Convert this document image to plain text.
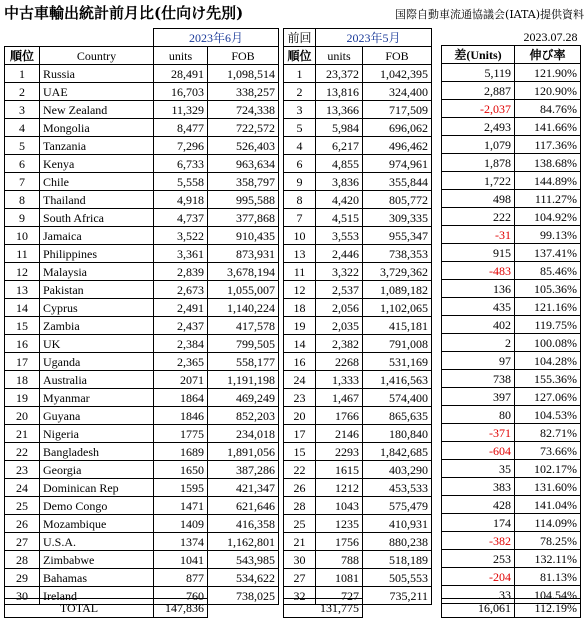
中古車輸出統計前月比(仕向け先別)	国際自動車流通協議会(IATA)提供資料
		2023年6月	
順位	Country	units	FOB
1	Russia	28,491	1,098,514
2	UAE	16,703	338,257
3	New Zealand	11,329	724,338
4	Mongolia	8,477	722,572
5	Tanzania	7,296	526,403
6	Kenya	6,733	963,634
7	Chile	5,558	358,797
8	Thailand	4,918	995,588
9	South Africa	4,737	377,868
10	Jamaica	3,522	910,435
11	Philippines	3,361	873,931
12	Malaysia	2,839	3,678,194
13	Pakistan	2,673	1,055,007
14	Cyprus	2,491	1,140,224
15	Zambia	2,437	417,578
16	UK	2,384	799,505
17	Uganda	2,365	558,177
18	Australia	2071	1,191,198
19	Myanmar	1864	469,249
20	Guyana	1846	852,203
21	Nigeria	1775	234,018
22	Bangladesh	1689	1,891,056
23	Georgia	1650	387,286
24	Dominican Rep	1595	421,347
25	Demo Congo	1471	621,646
26	Mozambique	1409	416,358
27	U.S.A.	1374	1,162,801
28	Zimbabwe	1041	543,985
29	Bahamas	877	534,622
30	Ireland	760	738,025
前回	2023年5月	
順位	units	FOB
1	23,372	1,042,395
2	13,816	324,400
3	13,366	717,509
5	5,984	696,062
4	6,217	496,462
6	4,855	974,961
9	3,836	355,844
8	4,420	805,772
7	4,515	309,335
10	3,553	955,347
13	2,446	738,353
11	3,322	3,729,362
12	2,537	1,089,182
18	2,056	1,102,065
19	2,035	415,181
14	2,382	791,008
16	2268	531,169
24	1,333	1,416,563
23	1,467	574,400
20	1766	865,635
17	2146	180,840
15	2293	1,842,685
22	1615	403,290
26	1212	453,533
28	1043	575,479
25	1235	410,931
21	1756	880,238
30	788	518,189
27	1081	505,553
32	727	735,211
2023.07.28	
差(Units)	伸び率
5,119	121.90%
2,887	120.90%
-2,037	84.76%
2,493	141.66%
1,079	117.36%
1,878	138.68%
1,722	144.89%
498	111.27%
222	104.92%
-31	99.13%
915	137.41%
-483	85.46%
136	105.36%
435	121.16%
402	119.75%
2	100.08%
97	104.28%
738	155.36%
397	127.06%
80	104.53%
-371	82.71%
-604	73.66%
35	102.17%
383	131.60%
428	141.04%
174	114.09%
-382	78.25%
253	132.11%
-204	81.13%
33	104.54%
TOTAL	147,836	131,775	16,061	112.19%
